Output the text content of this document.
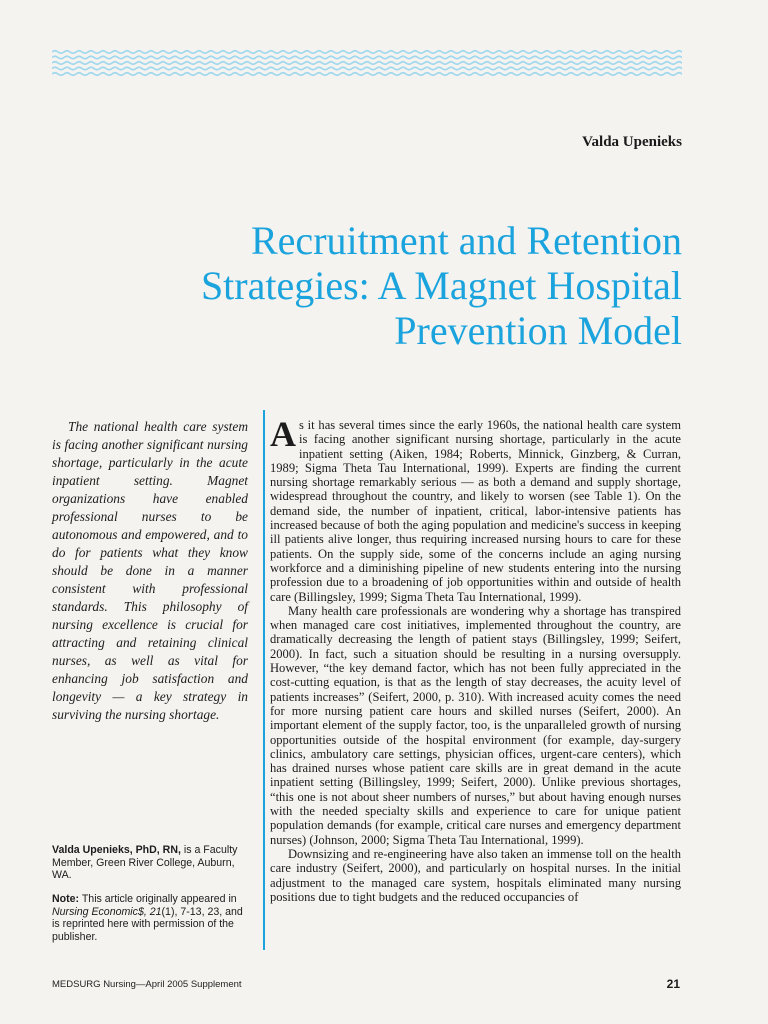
Valda Upenieks
Recruitment and Retention
Strategies: A Magnet Hospital
Prevention Model

The national health care system is facing another significant nursing shortage, particularly in the acute inpatient setting. Magnet organizations have enabled professional nurses to be autonomous and empowered, and to do for patients what they know should be done in a manner consistent with professional standards. This philosophy of nursing excellence is crucial for attracting and retaining clinical nurses, as well as vital for enhancing job satisfaction and longevity — a key strategy in surviving the nursing shortage.

Valda Upenieks, PhD, RN, is a Faculty Member, Green River College, Auburn, WA.

Note: This article originally appeared in Nursing Economic$, 21(1), 7-13, 23, and is reprinted here with permission of the publisher.

As it has several times since the early 1960s, the national health care system is facing another significant nursing shortage, particularly in the acute inpatient setting (Aiken, 1984; Roberts, Minnick, Ginzberg, & Curran, 1989; Sigma Theta Tau International, 1999). Experts are finding the current nursing shortage remarkably serious — as both a demand and supply shortage, widespread throughout the country, and likely to worsen (see Table 1). On the demand side, the number of inpatient, critical, labor-intensive patients has increased because of both the aging population and medicine's success in keeping ill patients alive longer, thus requiring increased nursing hours to care for these patients. On the supply side, some of the concerns include an aging nursing workforce and a diminishing pipeline of new students entering into the nursing profession due to a broadening of job opportunities within and outside of health care (Billingsley, 1999; Sigma Theta Tau International, 1999).

Many health care professionals are wondering why a shortage has transpired when managed care cost initiatives, implemented throughout the country, are dramatically decreasing the length of patient stays (Billingsley, 1999; Seifert, 2000). In fact, such a situation should be resulting in a nursing oversupply. However, “the key demand factor, which has not been fully appreciated in the cost-cutting equation, is that as the length of stay decreases, the acuity level of patients increases” (Seifert, 2000, p. 310). With increased acuity comes the need for more nursing patient care hours and skilled nurses (Seifert, 2000). An important element of the supply factor, too, is the unparalleled growth of nursing opportunities outside of the hospital environment (for example, day-surgery clinics, ambulatory care settings, physician offices, urgent-care centers), which has drained nurses whose patient care skills are in great demand in the acute inpatient setting (Billingsley, 1999; Seifert, 2000). Unlike previous shortages, “this one is not about sheer numbers of nurses,” but about having enough nurses with the needed specialty skills and experience to care for unique patient population demands (for example, critical care nurses and emergency department nurses) (Johnson, 2000; Sigma Theta Tau International, 1999).

Downsizing and re-engineering have also taken an immense toll on the health care industry (Seifert, 2000), and particularly on hospital nurses. In the initial adjustment to the managed care system, hospitals eliminated many nursing positions due to tight budgets and the reduced occupancies of

MEDSURG Nursing—April 2005 Supplement	21
